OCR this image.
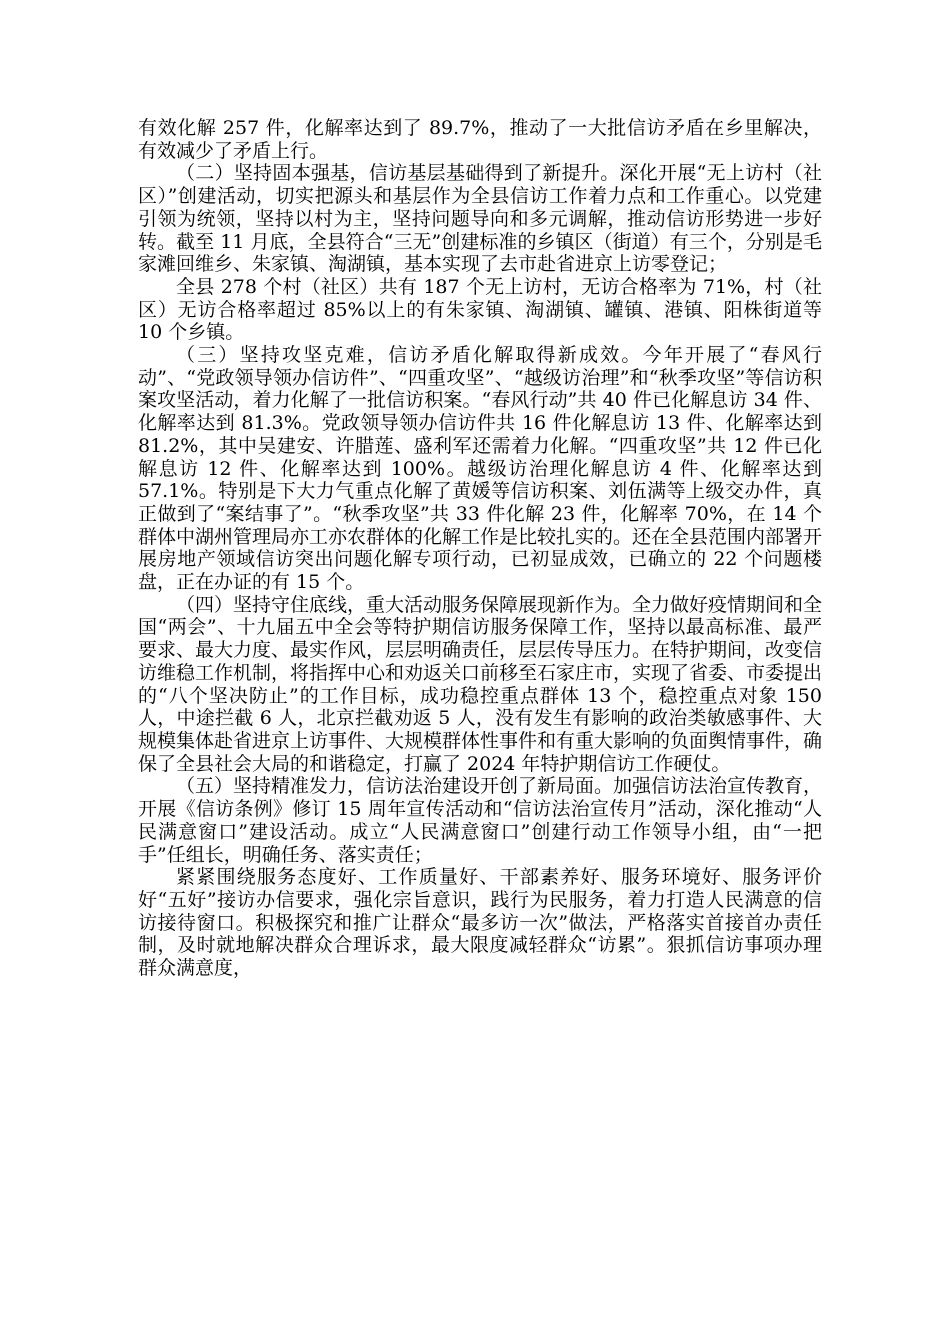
有效化解 257 件，化解率达到了 89.7%，推动了一大批信访矛盾在乡里解决，有效减少了矛盾上行。

（二）坚持固本强基，信访基层基础得到了新提升。深化开展“无上访村（社区）”创建活动，切实把源头和基层作为全县信访工作着力点和工作重心。以党建引领为统领，坚持以村为主，坚持问题导向和多元调解，推动信访形势进一步好转。截至 11 月底，全县符合“三无”创建标准的乡镇区（街道）有三个，分别是毛家滩回维乡、朱家镇、淘湖镇，基本实现了去市赴省进京上访零登记；

全县 278 个村（社区）共有 187 个无上访村，无访合格率为 71%，村（社区）无访合格率超过 85%以上的有朱家镇、淘湖镇、罐镇、港镇、阳株街道等 10 个乡镇。

（三）坚持攻坚克难，信访矛盾化解取得新成效。今年开展了“春风行动”、“党政领导领办信访件”、“四重攻坚”、“越级访治理”和“秋季攻坚”等信访积案攻坚活动，着力化解了一批信访积案。“春风行动”共 40 件已化解息访 34 件、化解率达到 81.3%。党政领导领办信访件共 16 件化解息访 13 件、化解率达到 81.2%，其中吴建安、许腊莲、盛利军还需着力化解。“四重攻坚”共 12 件已化解息访 12 件、化解率达到 100%。越级访治理化解息访 4 件、化解率达到 57.1%。特别是下大力气重点化解了黄媛等信访积案、刘伍满等上级交办件，真正做到了“案结事了”。“秋季攻坚”共 33 件化解 23 件，化解率 70%，在 14 个群体中湖州管理局亦工亦农群体的化解工作是比较扎实的。还在全县范围内部署开展房地产领域信访突出问题化解专项行动，已初显成效，已确立的 22 个问题楼盘，正在办证的有 15 个。

（四）坚持守住底线，重大活动服务保障展现新作为。全力做好疫情期间和全国“两会”、十九届五中全会等特护期信访服务保障工作，坚持以最高标准、最严要求、最大力度、最实作风，层层明确责任，层层传导压力。在特护期间，改变信访维稳工作机制，将指挥中心和劝返关口前移至石家庄市，实现了省委、市委提出的“八个坚决防止”的工作目标，成功稳控重点群体 13 个，稳控重点对象 150 人，中途拦截 6 人，北京拦截劝返 5 人，没有发生有影响的政治类敏感事件、大规模集体赴省进京上访事件、大规模群体性事件和有重大影响的负面舆情事件，确保了全县社会大局的和谐稳定，打赢了 2024 年特护期信访工作硬仗。

（五）坚持精准发力，信访法治建设开创了新局面。加强信访法治宣传教育，开展《信访条例》修订 15 周年宣传活动和“信访法治宣传月”活动，深化推动“人民满意窗口”建设活动。成立“人民满意窗口”创建行动工作领导小组，由“一把手”任组长，明确任务、落实责任；

紧紧围绕服务态度好、工作质量好、干部素养好、服务环境好、服务评价好“五好”接访办信要求，强化宗旨意识，践行为民服务，着力打造人民满意的信访接待窗口。积极探究和推广让群众“最多访一次”做法，严格落实首接首办责任制，及时就地解决群众合理诉求，最大限度减轻群众“访累”。狠抓信访事项办理群众满意度，
